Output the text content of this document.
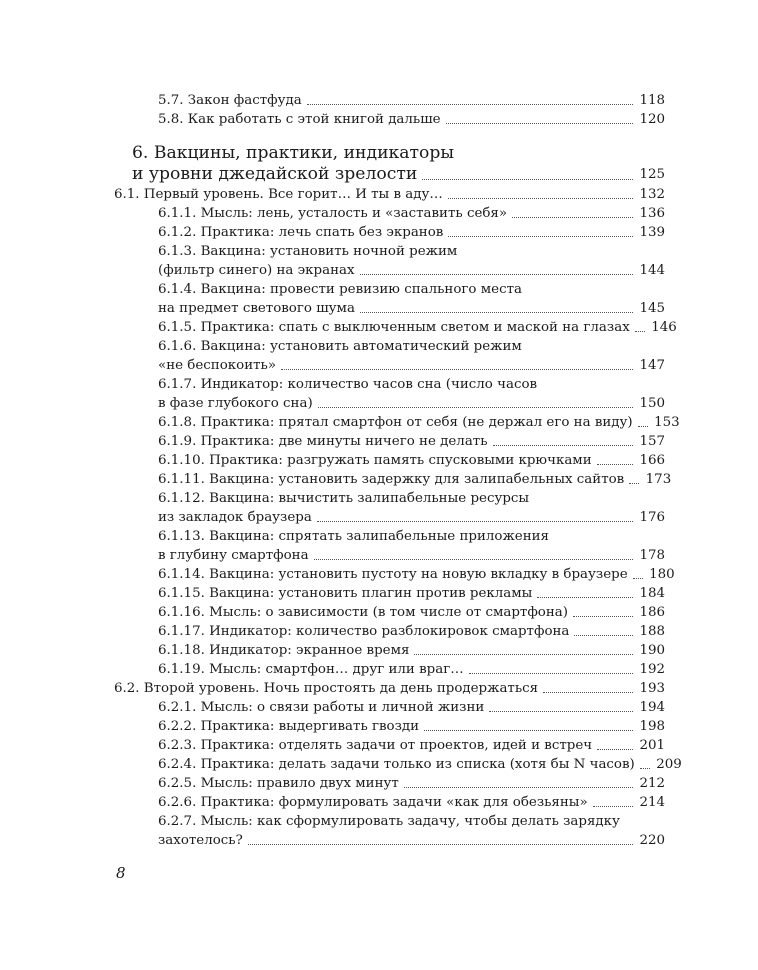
5.7. Закон фастфуда	118
5.8. Как работать с этой книгой дальше	120
6. Вакцины, практики, индикаторы
и уровни джедайской зрелости	125
6.1. Первый уровень. Все горит… И ты в аду…	132
6.1.1. Мысль: лень, усталость и «заставить себя»	136
6.1.2. Практика: лечь спать без экранов	139
6.1.3. Вакцина: установить ночной режим
(фильтр синего) на экранах	144
6.1.4. Вакцина: провести ревизию спального места
на предмет светового шума	145
6.1.5. Практика: спать с выключенным светом и маской на глазах 146
6.1.6. Вакцина: установить автоматический режим
«не беспокоить»	147
6.1.7. Индикатор: количество часов сна (число часов
в фазе глубокого сна)	150
6.1.8. Практика: прятал смартфон от себя (не держал его на виду) 153
6.1.9. Практика: две минуты ничего не делать	157
6.1.10. Практика: разгружать память спусковыми крючками	166
6.1.11. Вакцина: установить задержку для залипабельных сайтов 173
6.1.12. Вакцина: вычистить залипабельные ресурсы
из закладок браузера	176
6.1.13. Вакцина: спрятать залипабельные приложения
в глубину смартфона	178
6.1.14. Вакцина: установить пустоту на новую вкладку в браузере 180
6.1.15. Вакцина: установить плагин против рекламы	184
6.1.16. Мысль: о зависимости (в том числе от смартфона)	186
6.1.17. Индикатор: количество разблокировок смартфона	188
6.1.18. Индикатор: экранное время	190
6.1.19. Мысль: смартфон… друг или враг…	192
6.2. Второй уровень. Ночь простоять да день продержаться	193
6.2.1. Мысль: о связи работы и личной жизни	194
6.2.2. Практика: выдергивать гвозди	198
6.2.3. Практика: отделять задачи от проектов, идей и встреч	201
6.2.4. Практика: делать задачи только из списка (хотя бы N часов) 209
6.2.5. Мысль: правило двух минут	212
6.2.6. Практика: формулировать задачи «как для обезьяны»	214
6.2.7. Мысль: как сформулировать задачу, чтобы делать зарядку
захотелось?	220
8
